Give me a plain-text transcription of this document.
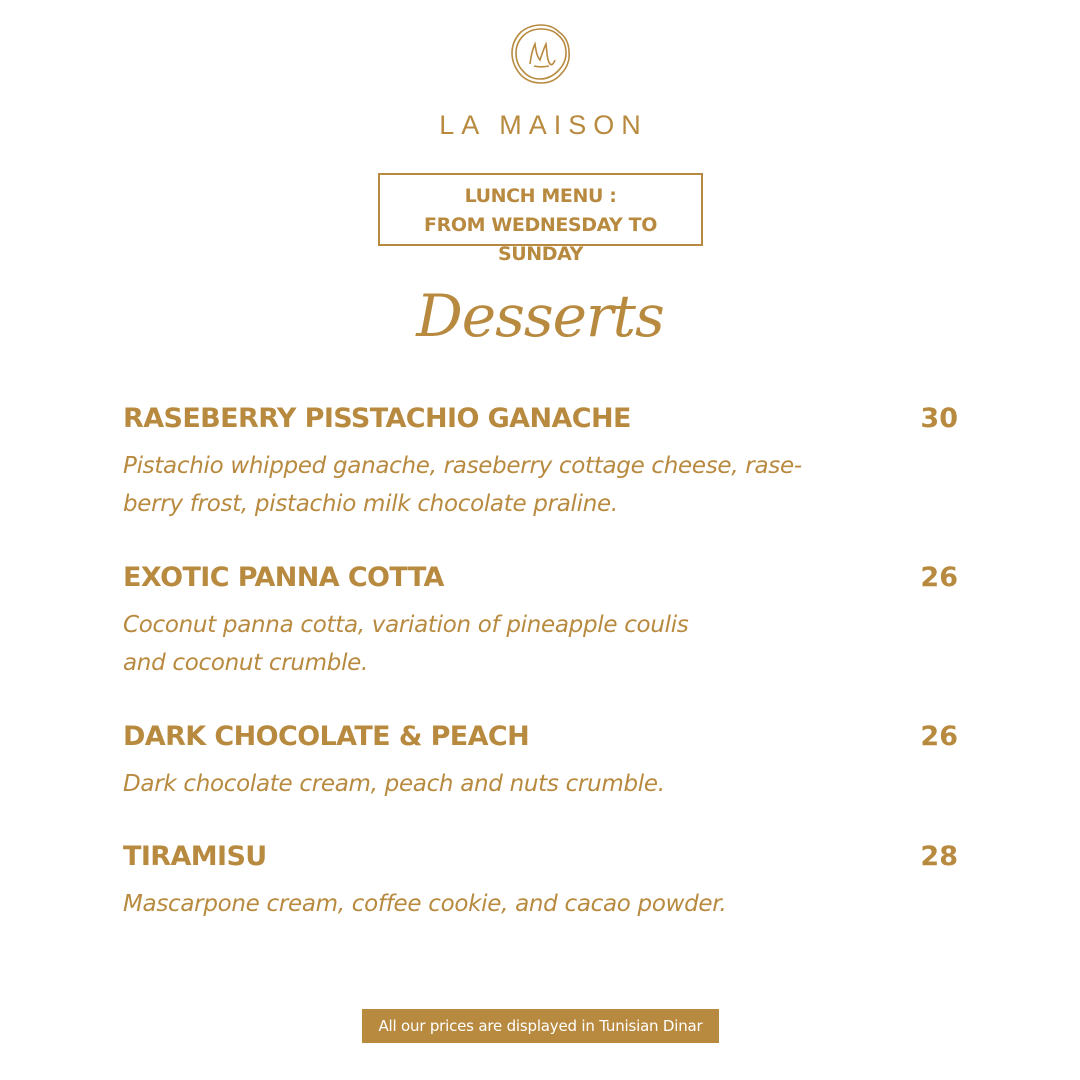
LA MAISON
LUNCH MENU :
FROM WEDNESDAY TO SUNDAY
Desserts
RASEBERRY PISSTACHIO GANACHE	30
Pistachio whipped ganache, raseberry cottage cheese, rase-
berry frost, pistachio milk chocolate praline.
EXOTIC PANNA COTTA	26
Coconut panna cotta, variation of pineapple coulis
and coconut crumble.
DARK CHOCOLATE & PEACH	26
Dark chocolate cream, peach and nuts crumble.
TIRAMISU	28
Mascarpone cream, coffee cookie, and cacao powder.
All our prices are displayed in Tunisian Dinar
